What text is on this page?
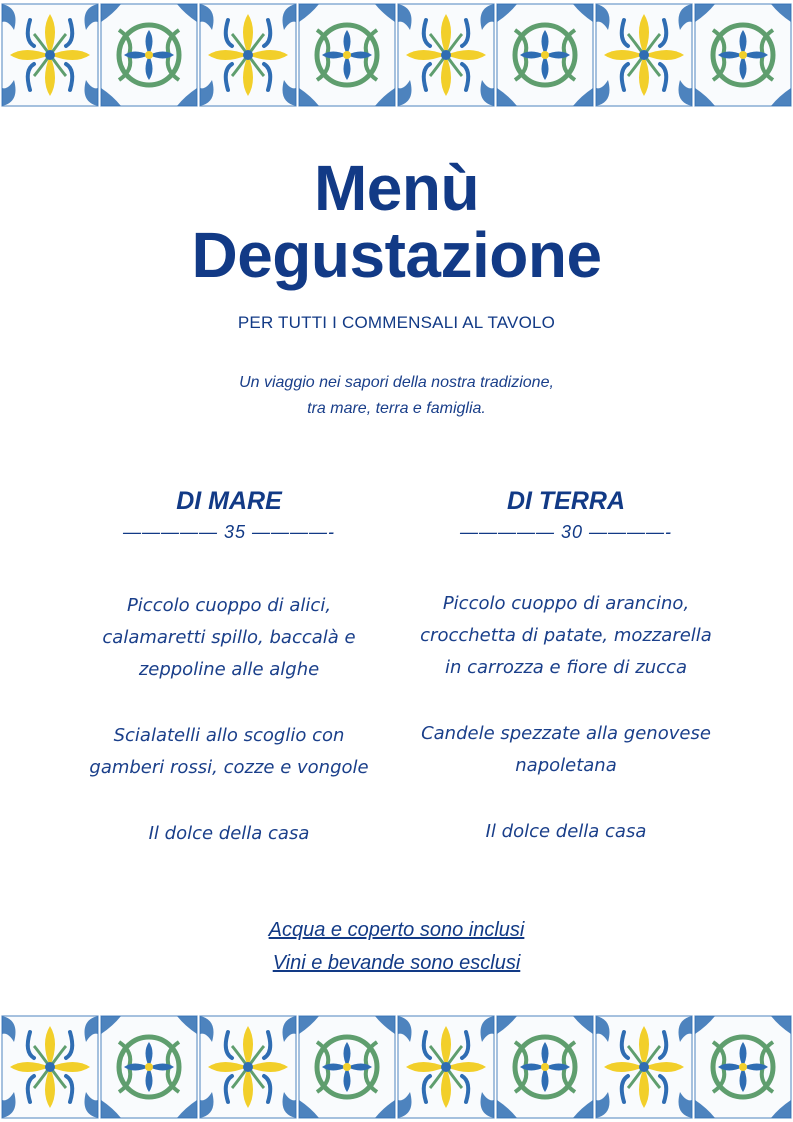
Menù
Degustazione
PER TUTTI I COMMENSALI AL TAVOLO
Un viaggio nei sapori della nostra tradizione,
tra mare, terra e famiglia.
DI MARE
————— 35 ————-
Piccolo cuoppo di alici,
calamaretti spillo, baccalà e
zeppoline alle alghe
Scialatelli allo scoglio con
gamberi rossi, cozze e vongole
Il dolce della casa
DI TERRA
————— 30 ————-
Piccolo cuoppo di arancino,
crocchetta di patate, mozzarella
in carrozza e fiore di zucca
Candele spezzate alla genovese
napoletana
Il dolce della casa
Acqua e coperto sono inclusi
Vini e bevande sono esclusi
